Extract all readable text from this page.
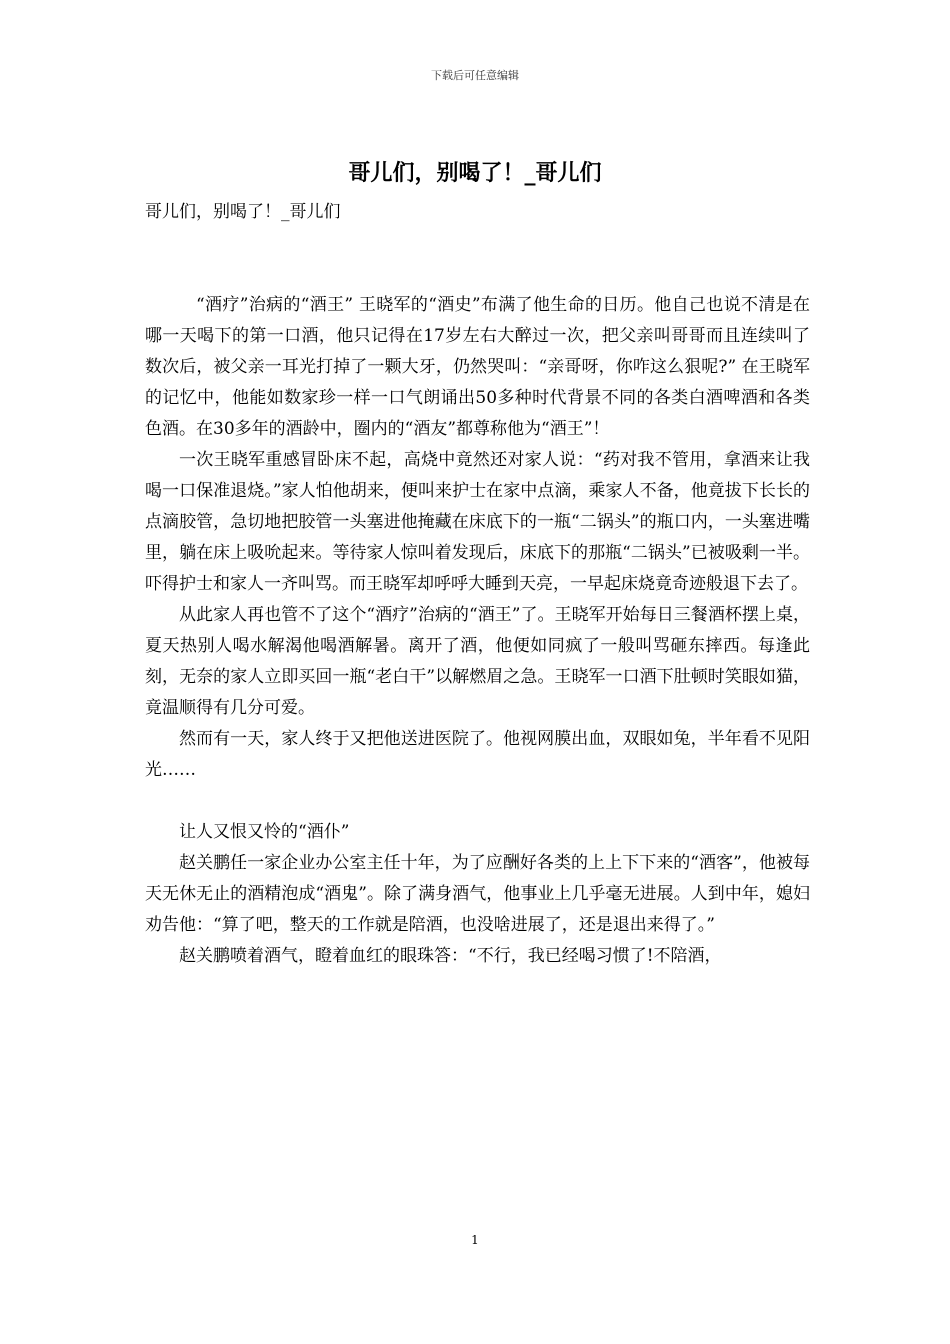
下载后可任意编辑
哥儿们，别喝了！_哥儿们

哥儿们，别喝了！_哥儿们

“酒疗”治病的“酒王” 王晓军的“酒史”布满了他生命的日历。他自己也说不清是在哪一天喝下的第一口酒，他只记得在17岁左右大醉过一次，把父亲叫哥哥而且连续叫了数次后，被父亲一耳光打掉了一颗大牙，仍然哭叫：“亲哥呀，你咋这么狠呢?” 在王晓军的记忆中，他能如数家珍一样一口气朗诵出50多种时代背景不同的各类白酒啤酒和各类色酒。在30多年的酒龄中，圈内的“酒友”都尊称他为“酒王”！

一次王晓军重感冒卧床不起，高烧中竟然还对家人说：“药对我不管用，拿酒来让我喝一口保准退烧。”家人怕他胡来，便叫来护士在家中点滴，乘家人不备，他竟拔下长长的点滴胶管，急切地把胶管一头塞进他掩藏在床底下的一瓶“二锅头”的瓶口内，一头塞进嘴里，躺在床上吸吮起来。等待家人惊叫着发现后，床底下的那瓶“二锅头”已被吸剩一半。吓得护士和家人一齐叫骂。而王晓军却呼呼大睡到天亮，一早起床烧竟奇迹般退下去了。

从此家人再也管不了这个“酒疗”治病的“酒王”了。王晓军开始每日三餐酒杯摆上桌，夏天热别人喝水解渴他喝酒解暑。离开了酒，他便如同疯了一般叫骂砸东摔西。每逢此刻，无奈的家人立即买回一瓶“老白干”以解燃眉之急。王晓军一口酒下肚顿时笑眼如猫，竟温顺得有几分可爱。

然而有一天，家人终于又把他送进医院了。他视网膜出血，双眼如兔，半年看不见阳光……

让人又恨又怜的“酒仆”

赵关鹏任一家企业办公室主任十年，为了应酬好各类的上上下下来的“酒客”，他被每天无休无止的酒精泡成“酒鬼”。除了满身酒气，他事业上几乎毫无进展。人到中年，媳妇劝告他：“算了吧，整天的工作就是陪酒，也没啥进展了，还是退出来得了。”

赵关鹏喷着酒气，瞪着血红的眼珠答：“不行，我已经喝习惯了!不陪酒，

1
